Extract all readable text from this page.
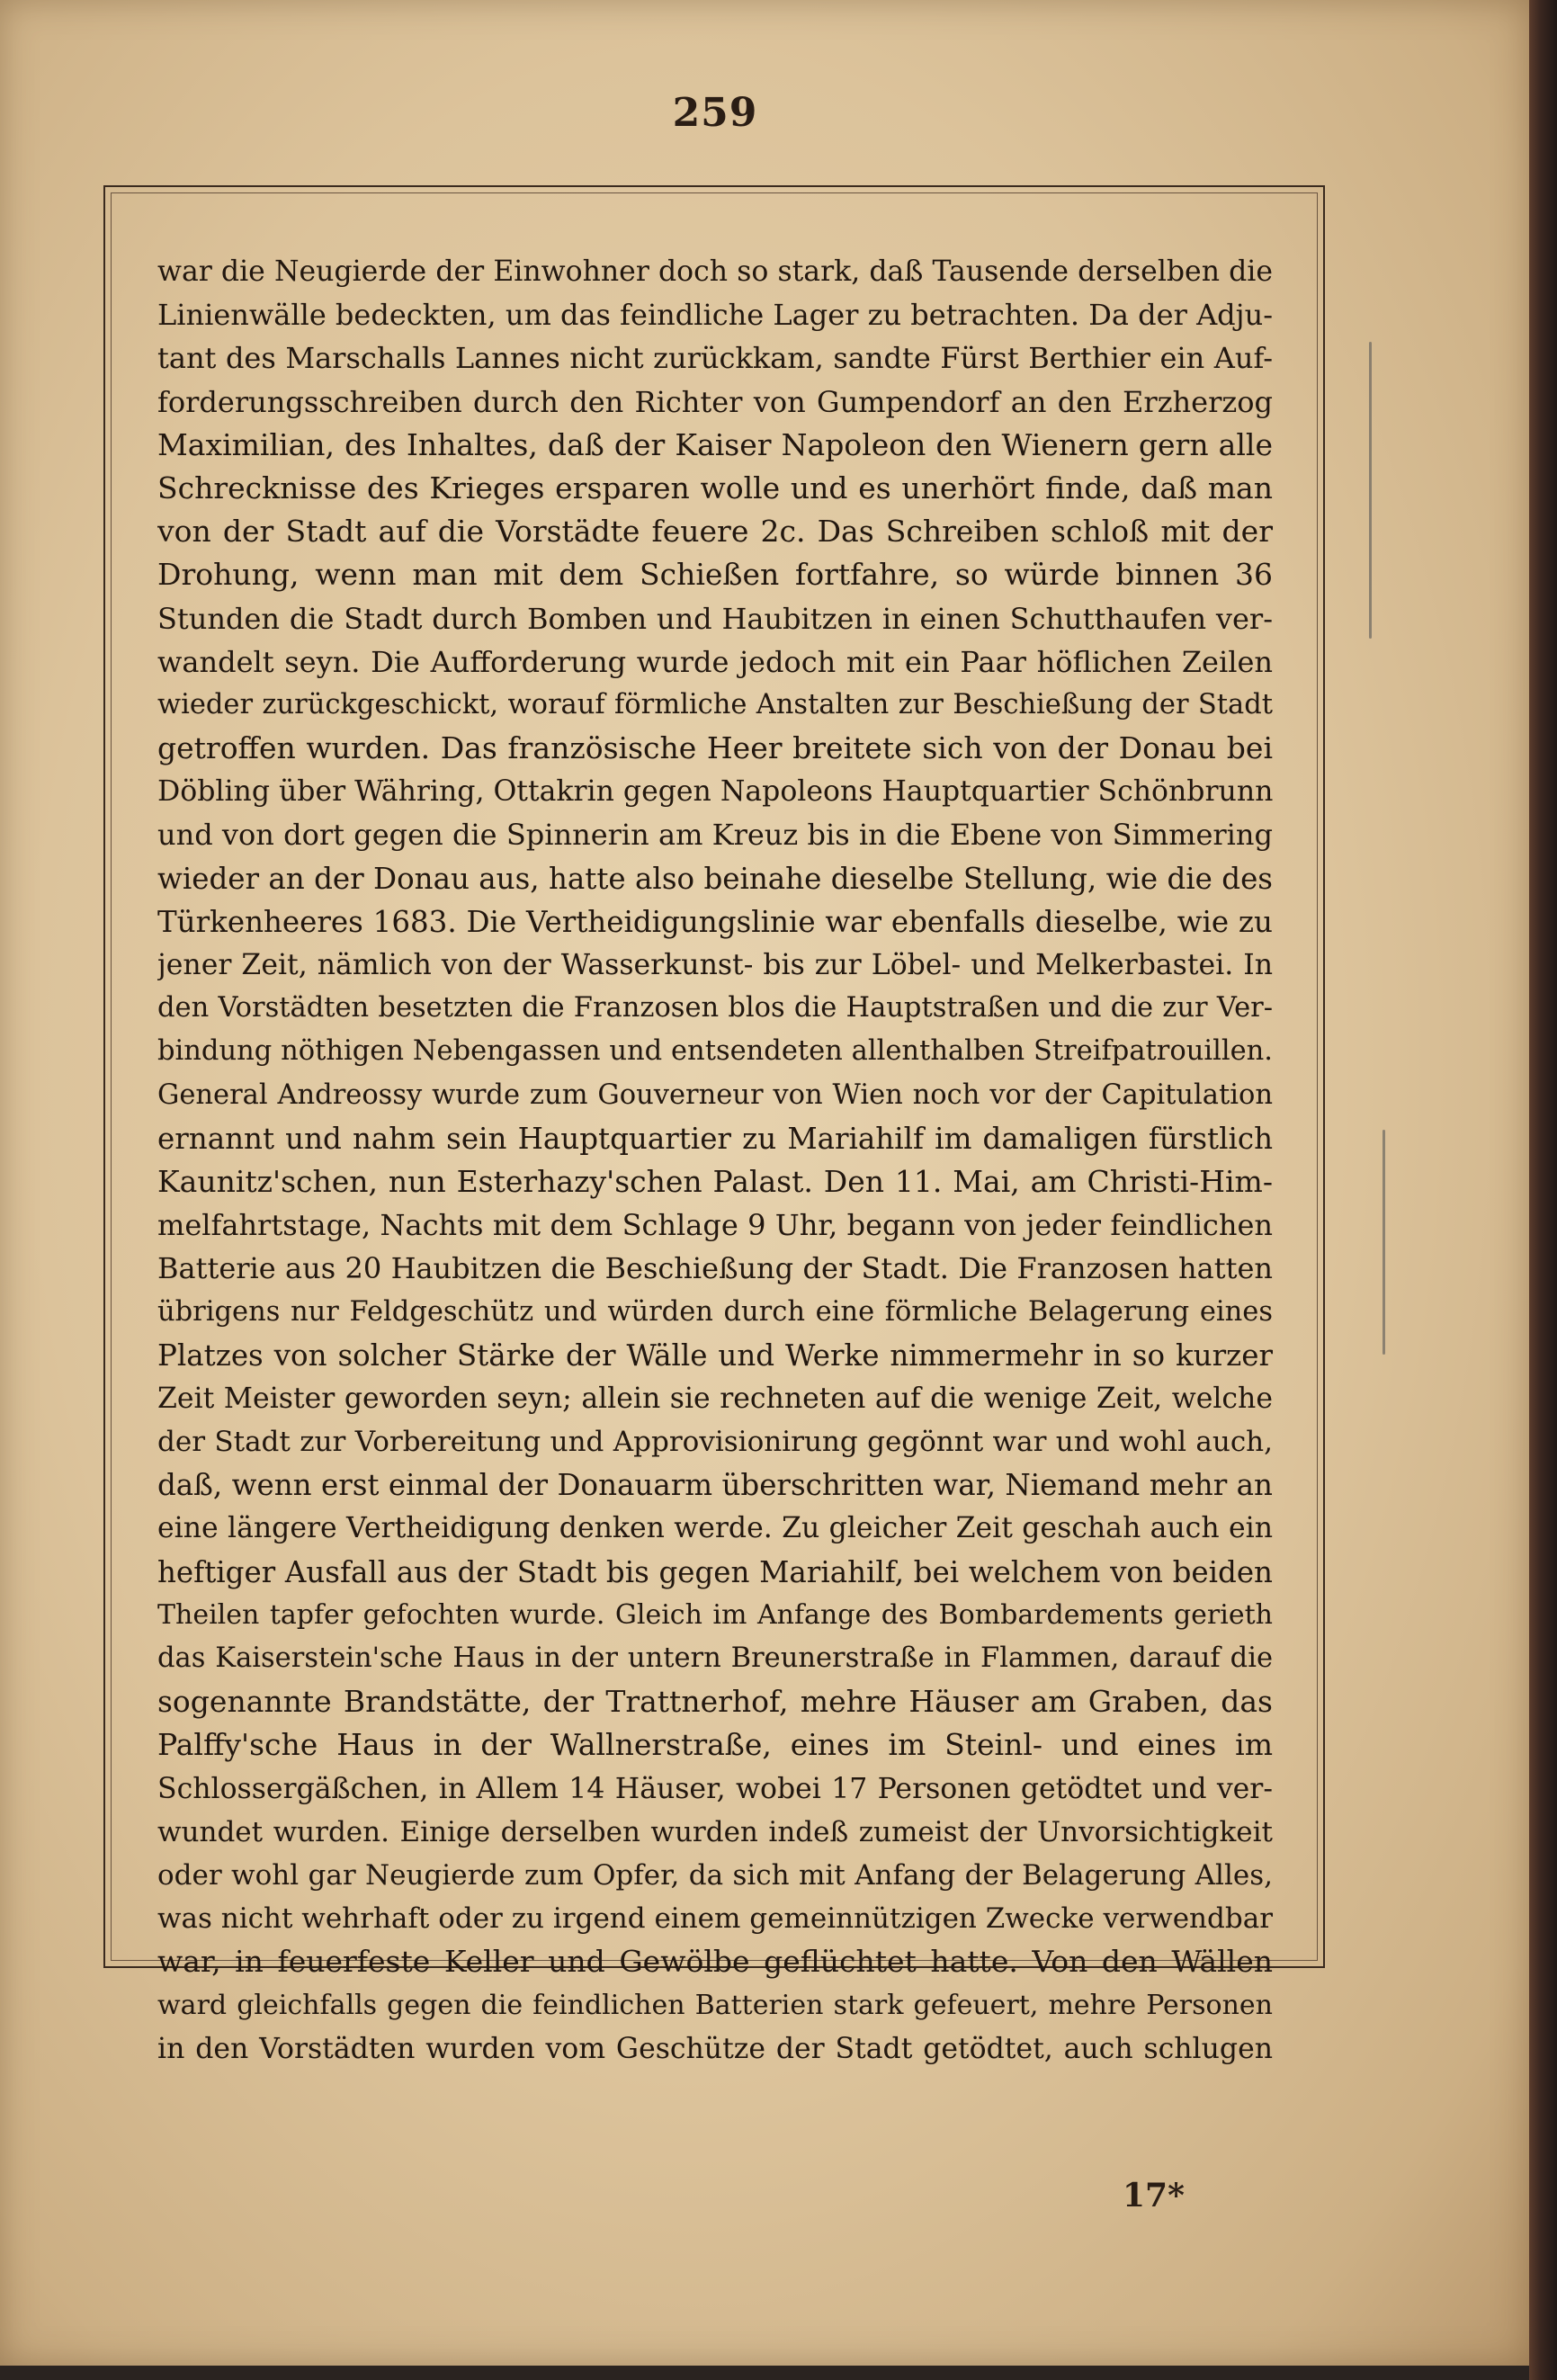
259
war die Neugierde der Einwohner doch so stark, daß Tausende derselben die
Linienwälle bedeckten, um das feindliche Lager zu betrachten. Da der Adju-
tant des Marschalls Lannes nicht zurückkam, sandte Fürst Berthier ein Auf-
forderungsschreiben durch den Richter von Gumpendorf an den Erzherzog
Maximilian, des Inhaltes, daß der Kaiser Napoleon den Wienern gern alle
Schrecknisse des Krieges ersparen wolle und es unerhört finde, daß man
von der Stadt auf die Vorstädte feuere 2c. Das Schreiben schloß mit der
Drohung, wenn man mit dem Schießen fortfahre, so würde binnen 36
Stunden die Stadt durch Bomben und Haubitzen in einen Schutthaufen ver-
wandelt seyn. Die Aufforderung wurde jedoch mit ein Paar höflichen Zeilen
wieder zurückgeschickt, worauf förmliche Anstalten zur Beschießung der Stadt
getroffen wurden. Das französische Heer breitete sich von der Donau bei
Döbling über Währing, Ottakrin gegen Napoleons Hauptquartier Schönbrunn
und von dort gegen die Spinnerin am Kreuz bis in die Ebene von Simmering
wieder an der Donau aus, hatte also beinahe dieselbe Stellung, wie die des
Türkenheeres 1683. Die Vertheidigungslinie war ebenfalls dieselbe, wie zu
jener Zeit, nämlich von der Wasserkunst- bis zur Löbel- und Melkerbastei. In
den Vorstädten besetzten die Franzosen blos die Hauptstraßen und die zur Ver-
bindung nöthigen Nebengassen und entsendeten allenthalben Streifpatrouillen.
General Andreossy wurde zum Gouverneur von Wien noch vor der Capitulation
ernannt und nahm sein Hauptquartier zu Mariahilf im damaligen fürstlich
Kaunitz'schen, nun Esterhazy'schen Palast. Den 11. Mai, am Christi-Him-
melfahrtstage, Nachts mit dem Schlage 9 Uhr, begann von jeder feindlichen
Batterie aus 20 Haubitzen die Beschießung der Stadt. Die Franzosen hatten
übrigens nur Feldgeschütz und würden durch eine förmliche Belagerung eines
Platzes von solcher Stärke der Wälle und Werke nimmermehr in so kurzer
Zeit Meister geworden seyn; allein sie rechneten auf die wenige Zeit, welche
der Stadt zur Vorbereitung und Approvisionirung gegönnt war und wohl auch,
daß, wenn erst einmal der Donauarm überschritten war, Niemand mehr an
eine längere Vertheidigung denken werde. Zu gleicher Zeit geschah auch ein
heftiger Ausfall aus der Stadt bis gegen Mariahilf, bei welchem von beiden
Theilen tapfer gefochten wurde. Gleich im Anfange des Bombardements gerieth
das Kaiserstein'sche Haus in der untern Breunerstraße in Flammen, darauf die
sogenannte Brandstätte, der Trattnerhof, mehre Häuser am Graben, das
Palffy'sche Haus in der Wallnerstraße, eines im Steinl- und eines im
Schlossergäßchen, in Allem 14 Häuser, wobei 17 Personen getödtet und ver-
wundet wurden. Einige derselben wurden indeß zumeist der Unvorsichtigkeit
oder wohl gar Neugierde zum Opfer, da sich mit Anfang der Belagerung Alles,
was nicht wehrhaft oder zu irgend einem gemeinnützigen Zwecke verwendbar
war, in feuerfeste Keller und Gewölbe geflüchtet hatte. Von den Wällen
ward gleichfalls gegen die feindlichen Batterien stark gefeuert, mehre Personen
in den Vorstädten wurden vom Geschütze der Stadt getödtet, auch schlugen
17*
